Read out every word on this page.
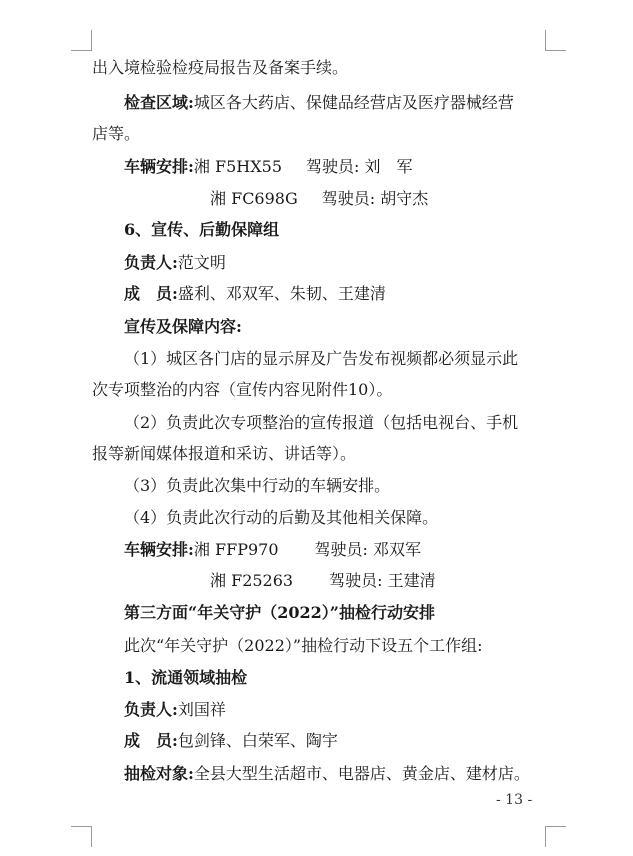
出入境检验检疫局报告及备案手续。
检查区域:城区各大药店、保健品经营店及医疗器械经营
店等。
车辆安排:湘 F5HX55 驾驶员: 刘　军
湘 FC698G 驾驶员: 胡守杰
6、宣传、后勤保障组
负责人:范文明
成　员:盛利、邓双军、朱韧、王建清
宣传及保障内容:
（1）城区各门店的显示屏及广告发布视频都必须显示此
次专项整治的内容（宣传内容见附件10）。
（2）负责此次专项整治的宣传报道（包括电视台、手机
报等新闻媒体报道和采访、讲话等）。
（3）负责此次集中行动的车辆安排。
（4）负责此次行动的后勤及其他相关保障。
车辆安排:湘 FFP970 驾驶员: 邓双军
湘 F25263 驾驶员: 王建清
第三方面“年关守护（2022）”抽检行动安排
此次“年关守护（2022）”抽检行动下设五个工作组:
1、流通领域抽检
负责人:刘国祥
成　员:包剑锋、白荣军、陶宇
抽检对象:全县大型生活超市、电器店、黄金店、建材店。
- 13 -
